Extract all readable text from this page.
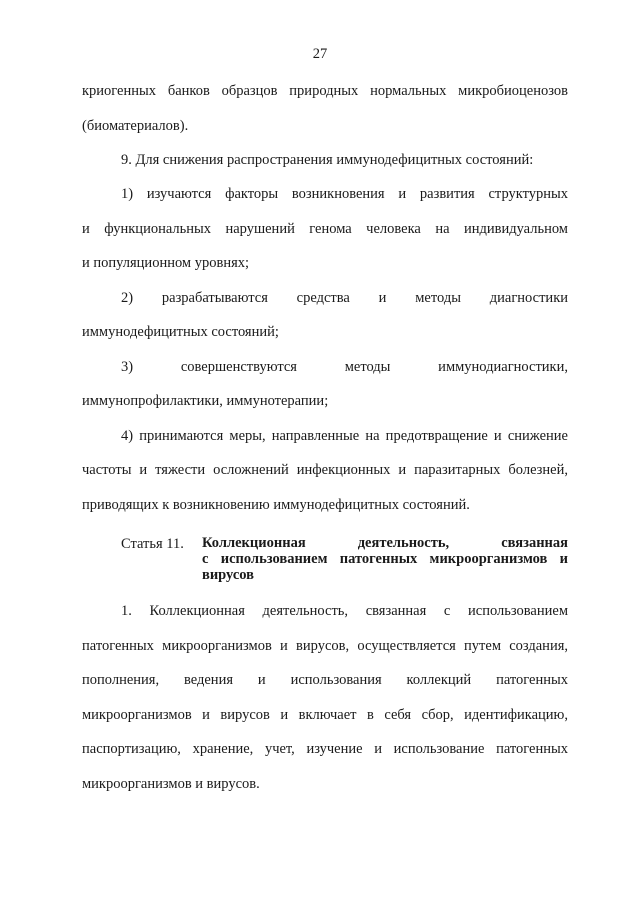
27
криогенных банков образцов природных нормальных микробиоценозов
(биоматериалов).
9. Для снижения распространения иммунодефицитных состояний:
1) изучаются факторы возникновения и развития структурных
и функциональных нарушений генома человека на индивидуальном
и популяционном уровнях;
2) разрабатываются средства и методы диагностики
иммунодефицитных состояний;
3) совершенствуются методы иммунодиагностики,
иммунопрофилактики, иммунотерапии;
4) принимаются меры, направленные на предотвращение и снижение
частоты и тяжести осложнений инфекционных и паразитарных болезней,
приводящих к возникновению иммунодефицитных состояний.
Статья 11. Коллекционная деятельность, связанная
с использованием патогенных микроорганизмов и
вирусов
1. Коллекционная деятельность, связанная с использованием
патогенных микроорганизмов и вирусов, осуществляется путем создания,
пополнения, ведения и использования коллекций патогенных
микроорганизмов и вирусов и включает в себя сбор, идентификацию,
паспортизацию, хранение, учет, изучение и использование патогенных
микроорганизмов и вирусов.
